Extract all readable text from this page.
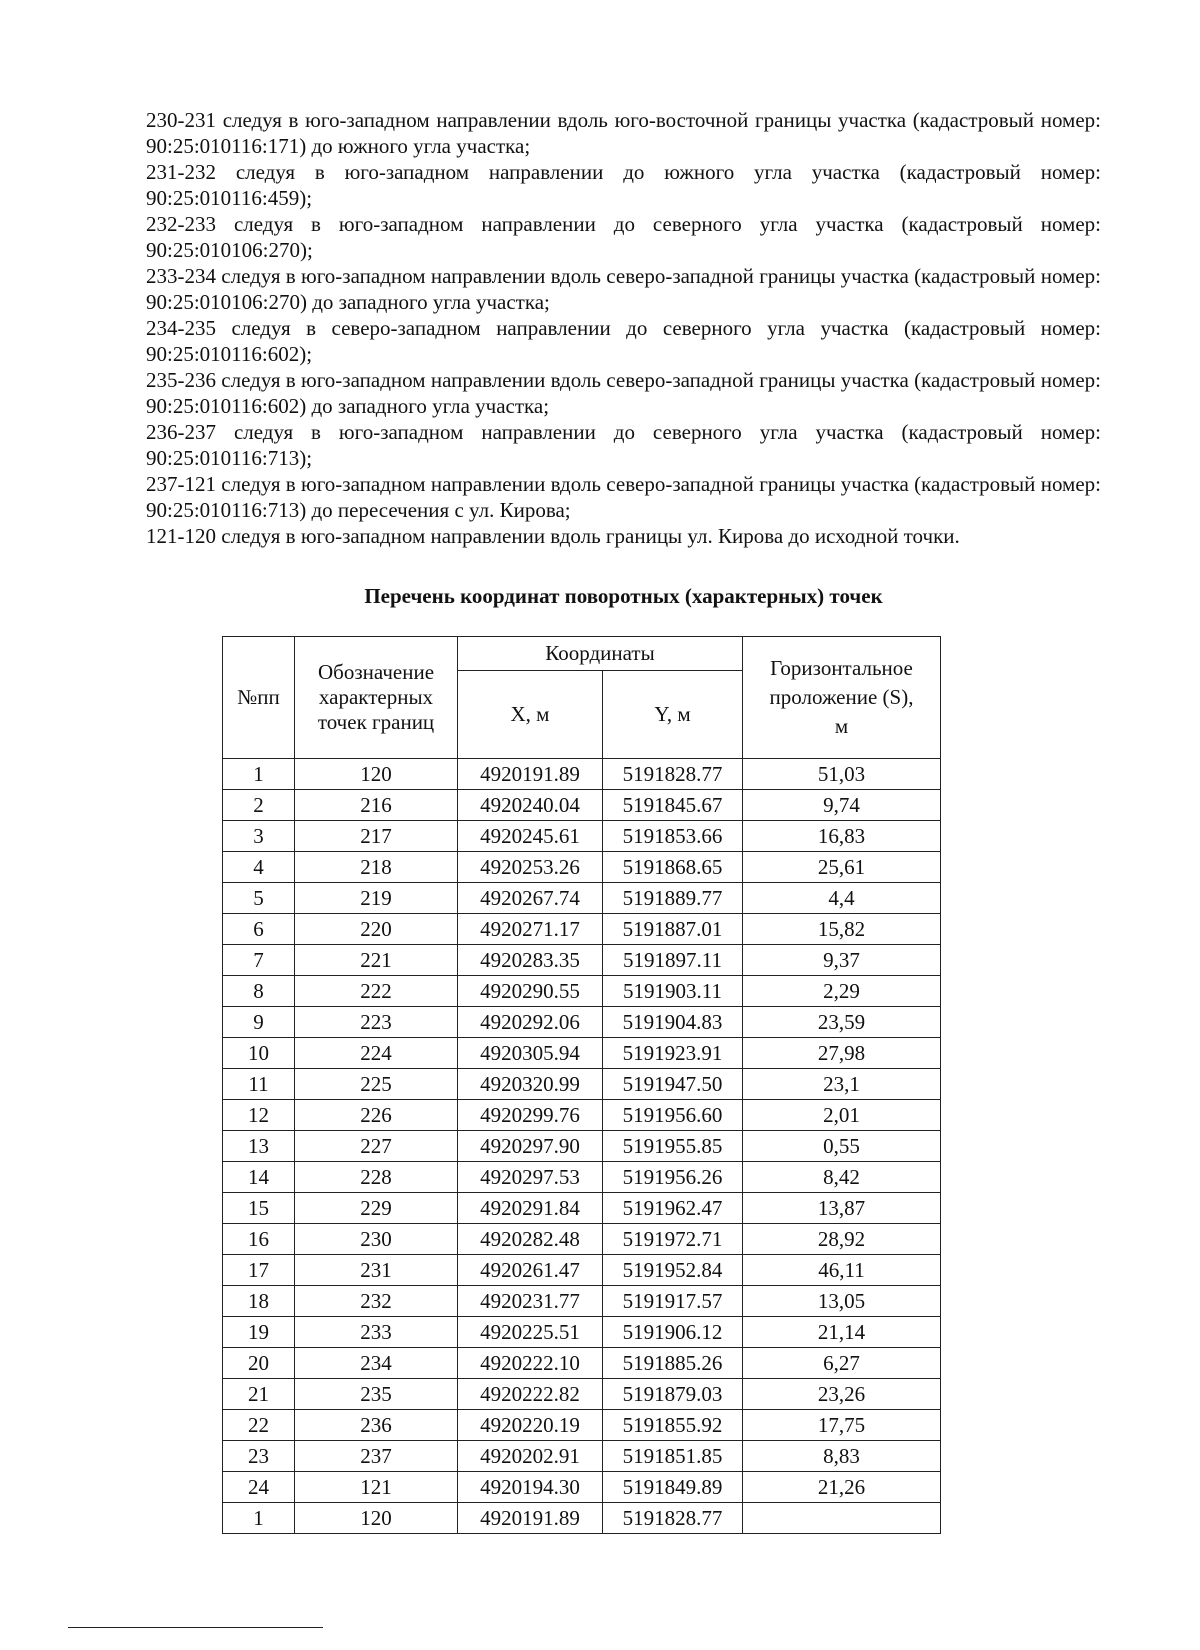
230-231 следуя в юго-западном направлении вдоль юго-восточной границы участка (кадастровый номер: 90:25:010116:171) до южного угла участка;

231-232 следуя в юго-западном направлении до южного угла участка (кадастровый номер: 90:25:010116:459);

232-233 следуя в юго-западном направлении до северного угла участка (кадастровый номер: 90:25:010106:270);

233-234 следуя в юго-западном направлении вдоль северо-западной границы участка (кадастровый номер: 90:25:010106:270) до западного угла участка;

234-235 следуя в северо-западном направлении до северного угла участка (кадастровый номер: 90:25:010116:602);

235-236 следуя в юго-западном направлении вдоль северо-западной границы участка (кадастровый номер: 90:25:010116:602) до западного угла участка;

236-237 следуя в юго-западном направлении до северного угла участка (кадастровый номер: 90:25:010116:713);

237-121 следуя в юго-западном направлении вдоль северо-западной границы участка (кадастровый номер: 90:25:010116:713) до пересечения с ул. Кирова;

121-120 следуя в юго-западном направлении вдоль границы ул. Кирова до исходной точки.

Перечень координат поворотных (характерных) точек
№пп	Обозначение характерных точек границ	Координаты		Горизонтальное проложение (S), м
		X, м	Y, м	
1	120	4920191.89	5191828.77	51,03
2	216	4920240.04	5191845.67	9,74
3	217	4920245.61	5191853.66	16,83
4	218	4920253.26	5191868.65	25,61
5	219	4920267.74	5191889.77	4,4
6	220	4920271.17	5191887.01	15,82
7	221	4920283.35	5191897.11	9,37
8	222	4920290.55	5191903.11	2,29
9	223	4920292.06	5191904.83	23,59
10	224	4920305.94	5191923.91	27,98
11	225	4920320.99	5191947.50	23,1
12	226	4920299.76	5191956.60	2,01
13	227	4920297.90	5191955.85	0,55
14	228	4920297.53	5191956.26	8,42
15	229	4920291.84	5191962.47	13,87
16	230	4920282.48	5191972.71	28,92
17	231	4920261.47	5191952.84	46,11
18	232	4920231.77	5191917.57	13,05
19	233	4920225.51	5191906.12	21,14
20	234	4920222.10	5191885.26	6,27
21	235	4920222.82	5191879.03	23,26
22	236	4920220.19	5191855.92	17,75
23	237	4920202.91	5191851.85	8,83
24	121	4920194.30	5191849.89	21,26
1	120	4920191.89	5191828.77	
